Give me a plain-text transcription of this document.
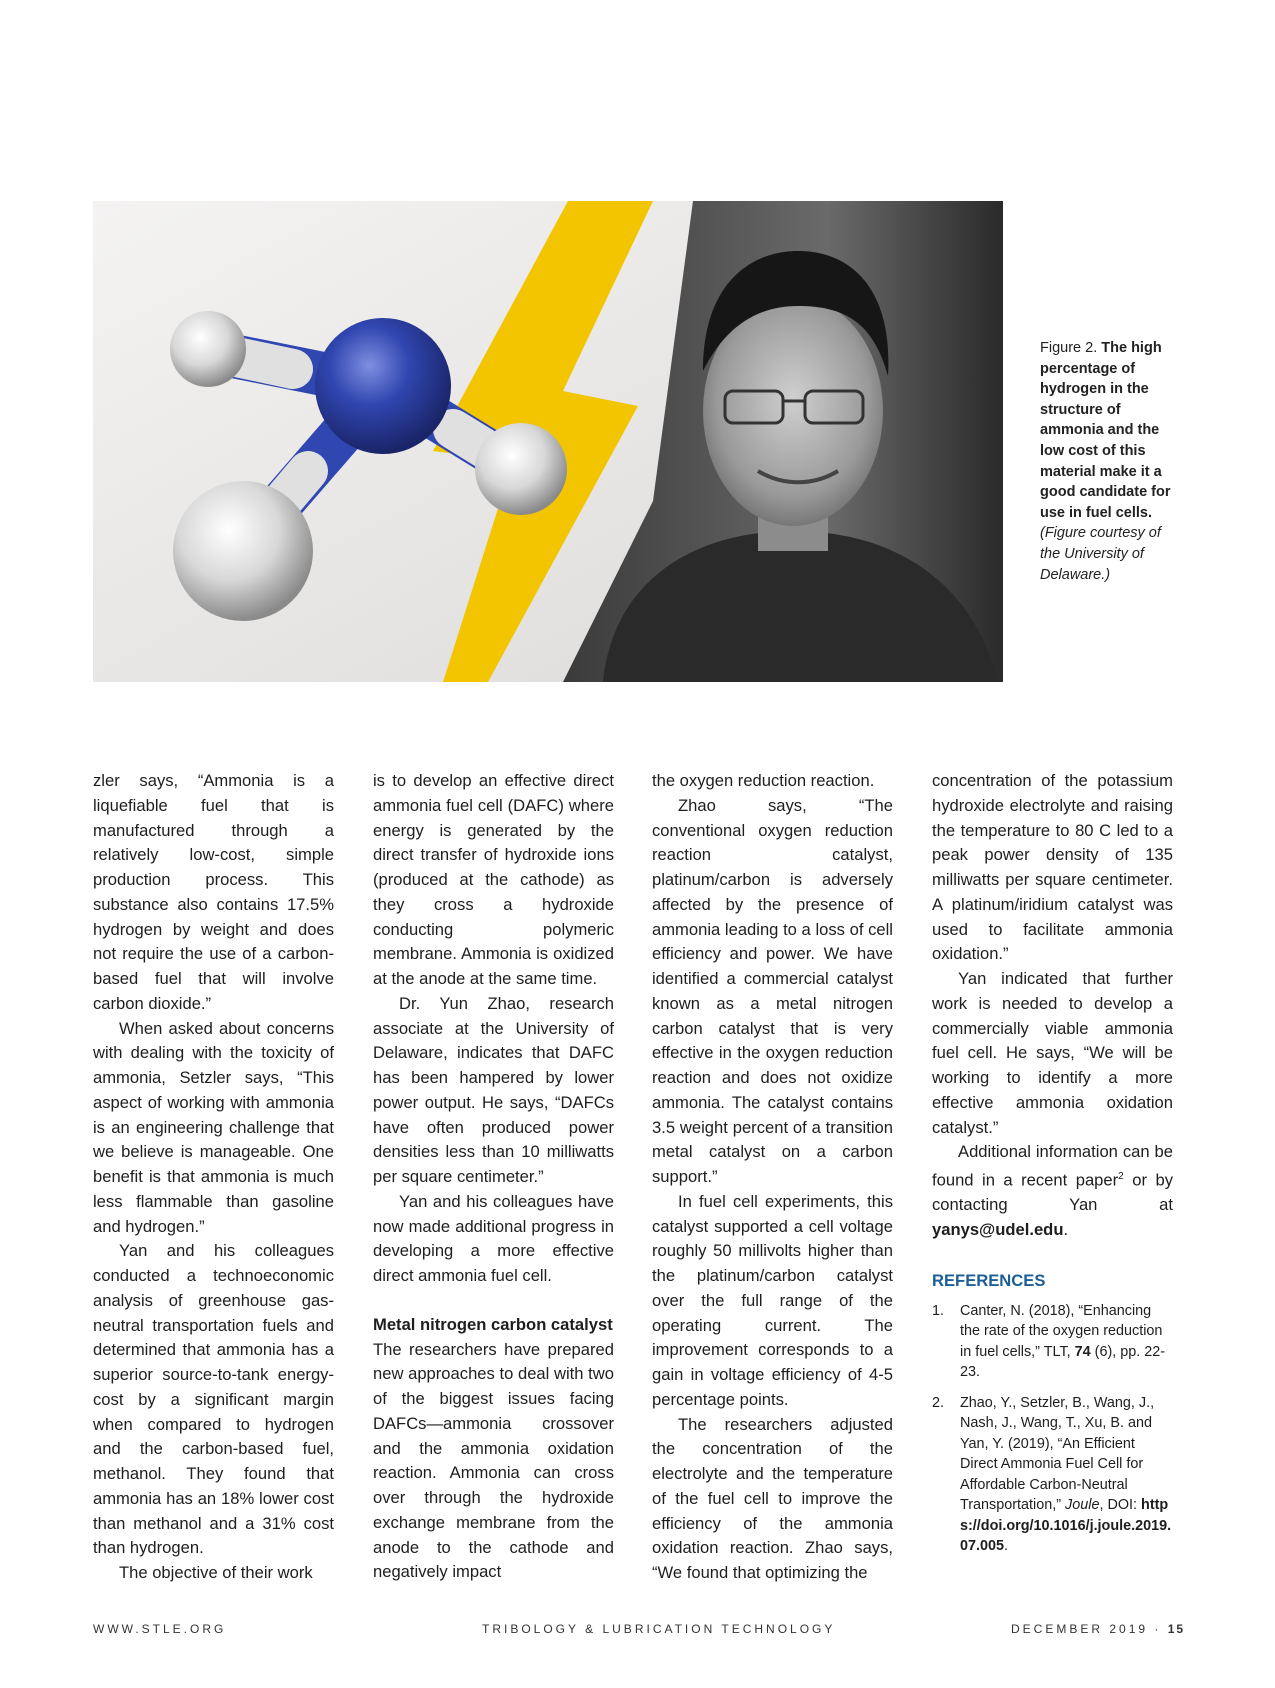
Figure 2. The high percentage of hydrogen in the structure of ammonia and the low cost of this material make it a good candidate for use in fuel cells.
(Figure courtesy of the University of Delaware.)

zler says, “Ammonia is a liquefiable fuel that is manufactured through a relatively low-cost, simple production process. This substance also contains 17.5% hydrogen by weight and does not require the use of a carbon-based fuel that will involve carbon dioxide.”

When asked about concerns with dealing with the toxicity of ammonia, Setzler says, “This aspect of working with ammonia is an engineering challenge that we believe is manageable. One benefit is that ammonia is much less flammable than gasoline and hydrogen.”

Yan and his colleagues conducted a technoeconomic analysis of greenhouse gas-neutral transportation fuels and determined that ammonia has a superior source-to-tank energy-cost by a significant margin when compared to hydrogen and the carbon-based fuel, methanol. They found that ammonia has an 18% lower cost than methanol and a 31% cost than hydrogen.

The objective of their work

is to develop an effective direct ammonia fuel cell (DAFC) where energy is generated by the direct transfer of hydroxide ions (produced at the cathode) as they cross a hydroxide conducting polymeric membrane. Ammonia is oxidized at the anode at the same time.

Dr. Yun Zhao, research associate at the University of Delaware, indicates that DAFC has been hampered by lower power output. He says, “DAFCs have often produced power densities less than 10 milliwatts per square centimeter.”

Yan and his colleagues have now made additional progress in developing a more effective direct ammonia fuel cell.

Metal nitrogen carbon catalyst

The researchers have prepared new approaches to deal with two of the biggest issues facing DAFCs—ammonia crossover and the ammonia oxidation reaction. Ammonia can cross over through the hydroxide exchange membrane from the anode to the cathode and negatively impact

the oxygen reduction reaction.

Zhao says, “The conventional oxygen reduction reaction catalyst, platinum/carbon is adversely affected by the presence of ammonia leading to a loss of cell efficiency and power. We have identified a commercial catalyst known as a metal nitrogen carbon catalyst that is very effective in the oxygen reduction reaction and does not oxidize ammonia. The catalyst contains 3.5 weight percent of a transition metal catalyst on a carbon support.”

In fuel cell experiments, this catalyst supported a cell voltage roughly 50 millivolts higher than the platinum/carbon catalyst over the full range of the operating current. The improvement corresponds to a gain in voltage efficiency of 4-5 percentage points.

The researchers adjusted the concentration of the electrolyte and the temperature of the fuel cell to improve the efficiency of the ammonia oxidation reaction. Zhao says, “We found that optimizing the

concentration of the potassium hydroxide electrolyte and raising the temperature to 80 C led to a peak power density of 135 milliwatts per square centimeter. A platinum/iridium catalyst was used to facilitate ammonia oxidation.”

Yan indicated that further work is needed to develop a commercially viable ammonia fuel cell. He says, “We will be working to identify a more effective ammonia oxidation catalyst.”

Additional information can be found in a recent paper$^2$ or by contacting Yan at yanys@udel.edu.

REFERENCES
1. Canter, N. (2018), “Enhancing the rate of the oxygen reduction in fuel cells,” TLT, 74 (6), pp. 22-23.
2. Zhao, Y., Setzler, B., Wang, J., Nash, J., Wang, T., Xu, B. and Yan, Y. (2019), “An Efficient Direct Ammonia Fuel Cell for Affordable Carbon-Neutral Transportation,” Joule, DOI: https://doi.org/10.1016/j.joule.2019.07.005.
WWW.STLE.ORG	TRIBOLOGY & LUBRICATION TECHNOLOGY	DECEMBER 2019 · 15
